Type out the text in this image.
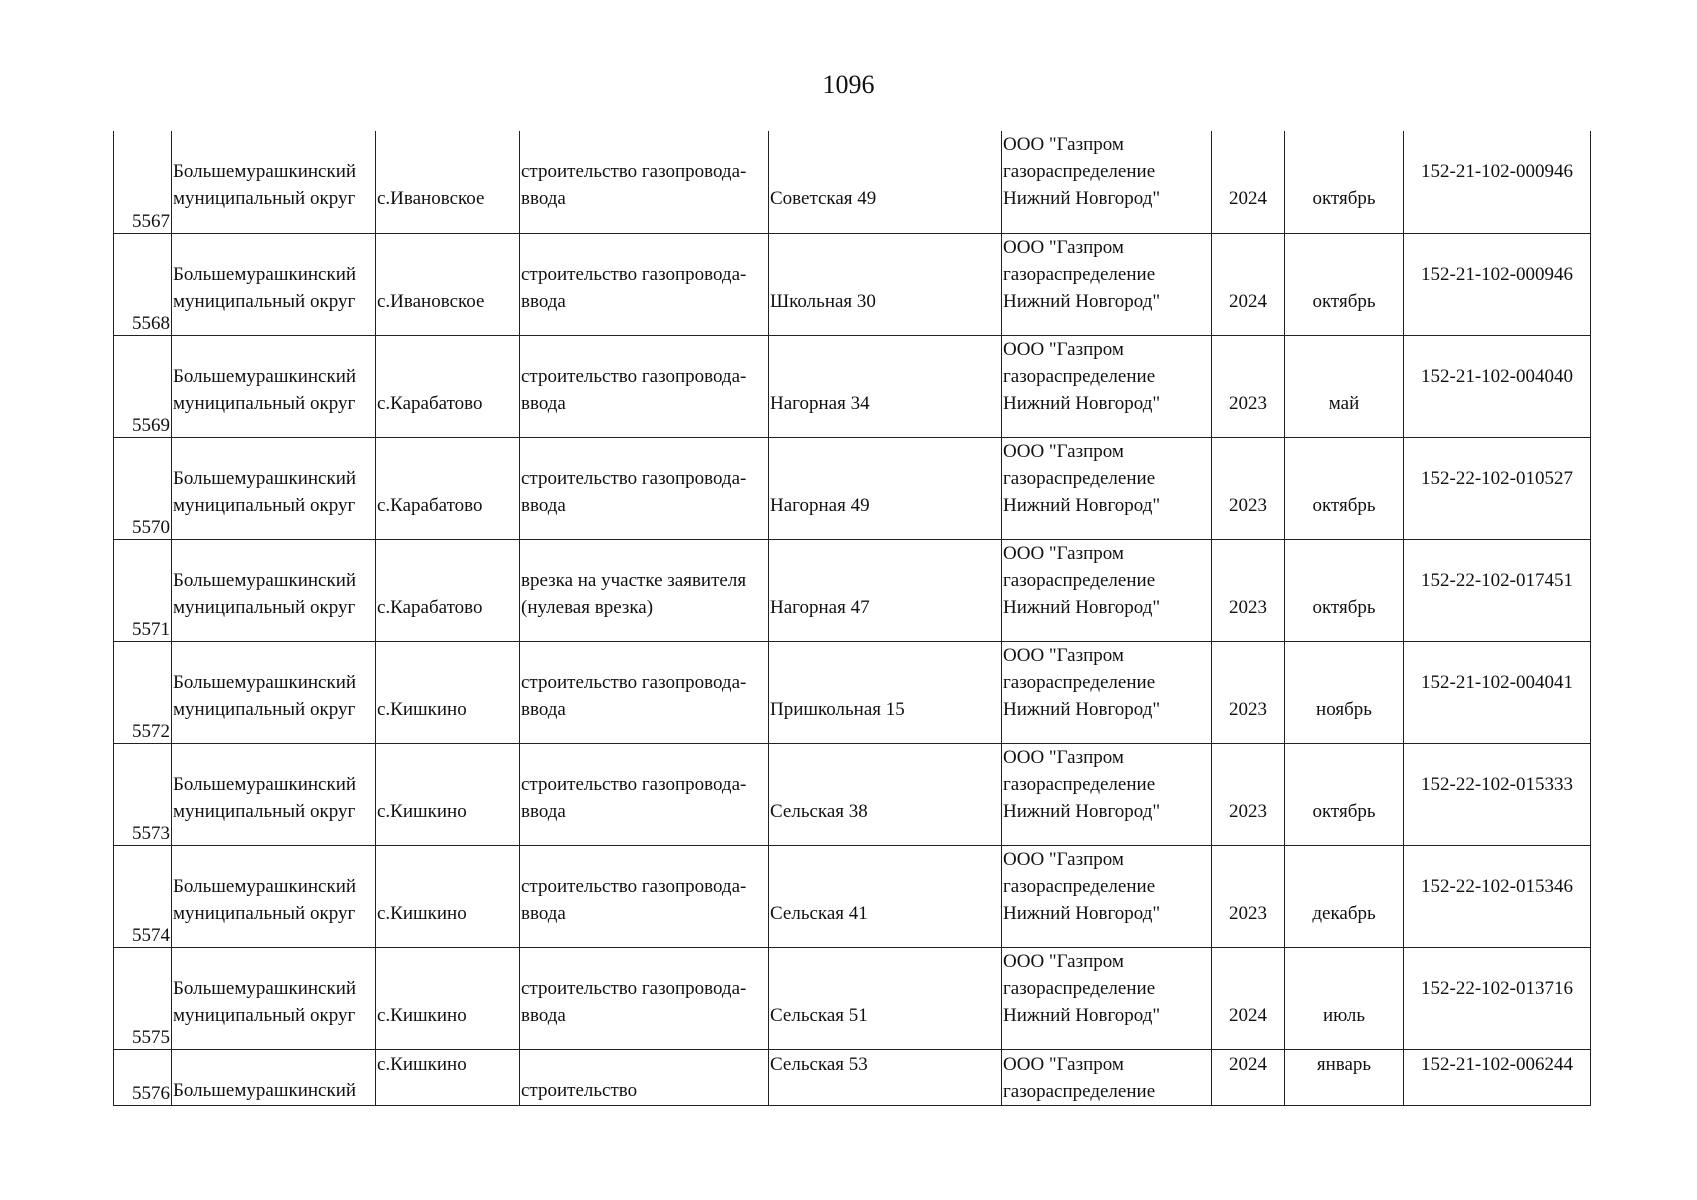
1096
5567	Большемурашкинский
муниципальный округ	с.Ивановское	строительство газопровода-
ввода	Советская 49	ООО "Газпром
газораспределение
Нижний Новгород"	2024	октябрь	152-21-102-000946

5568	Большемурашкинский
муниципальный округ	с.Ивановское	строительство газопровода-
ввода	Школьная 30	ООО "Газпром
газораспределение
Нижний Новгород"	2024	октябрь	152-21-102-000946

5569	Большемурашкинский
муниципальный округ	с.Карабатово	строительство газопровода-
ввода	Нагорная 34	ООО "Газпром
газораспределение
Нижний Новгород"	2023	май	152-21-102-004040

5570	Большемурашкинский
муниципальный округ	с.Карабатово	строительство газопровода-
ввода	Нагорная 49	ООО "Газпром
газораспределение
Нижний Новгород"	2023	октябрь	152-22-102-010527

5571	Большемурашкинский
муниципальный округ	с.Карабатово	врезка на участке заявителя
(нулевая врезка)	Нагорная 47	ООО "Газпром
газораспределение
Нижний Новгород"	2023	октябрь	152-22-102-017451

5572	Большемурашкинский
муниципальный округ	с.Кишкино	строительство газопровода-
ввода	Пришкольная 15	ООО "Газпром
газораспределение
Нижний Новгород"	2023	ноябрь	152-21-102-004041

5573	Большемурашкинский
муниципальный округ	с.Кишкино	строительство газопровода-
ввода	Сельская 38	ООО "Газпром
газораспределение
Нижний Новгород"	2023	октябрь	152-22-102-015333

5574	Большемурашкинский
муниципальный округ	с.Кишкино	строительство газопровода-
ввода	Сельская 41	ООО "Газпром
газораспределение
Нижний Новгород"	2023	декабрь	152-22-102-015346

5575	Большемурашкинский
муниципальный округ	с.Кишкино	строительство газопровода-
ввода	Сельская 51	ООО "Газпром
газораспределение
Нижний Новгород"	2024	июль	152-22-102-013716

5576	Большемурашкинский	с.Кишкино	строительство	Сельская 53	ООО "Газпром
газораспределение	2024	январь	152-21-102-006244
